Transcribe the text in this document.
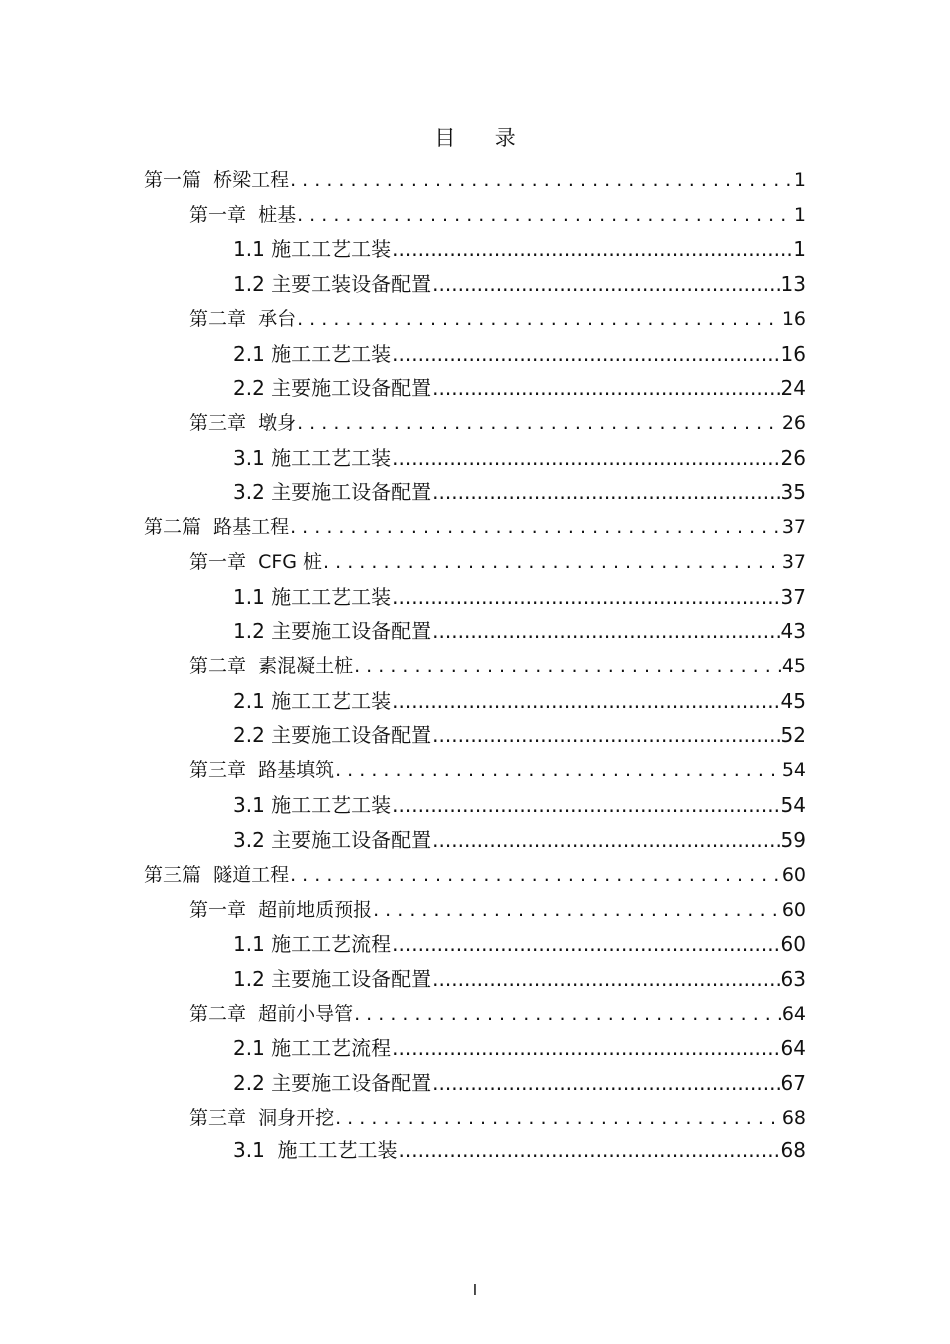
目 录
第一篇  桥梁工程 . . .	1
第一章  桩基 . . .	1
1.1 施工工艺工装 .....	1
1.2 主要工装设备配置 .....	13
第二章  承台 . . .	16
2.1 施工工艺工装 .....	16
2.2 主要施工设备配置 .....	24
第三章  墩身 . . .	26
3.1 施工工艺工装 .....	26
3.2 主要施工设备配置 .....	35
第二篇  路基工程 . . .	37
第一章  CFG 桩 . . .	37
1.1 施工工艺工装 .....	37
1.2 主要施工设备配置 .....	43
第二章  素混凝土桩 . . .	45
2.1 施工工艺工装 .....	45
2.2 主要施工设备配置 .....	52
第三章  路基填筑 . . .	54
3.1 施工工艺工装 .....	54
3.2 主要施工设备配置 .....	59
第三篇  隧道工程 . . .	60
第一章  超前地质预报 . . .	60
1.1 施工工艺流程 .....	60
1.2 主要施工设备配置 .....	63
第二章  超前小导管 . . .	64
2.1 施工工艺流程 .....	64
2.2 主要施工设备配置 .....	67
第三章  洞身开挖 . . .	68
3.1  施工工艺工装 .....	68
I
